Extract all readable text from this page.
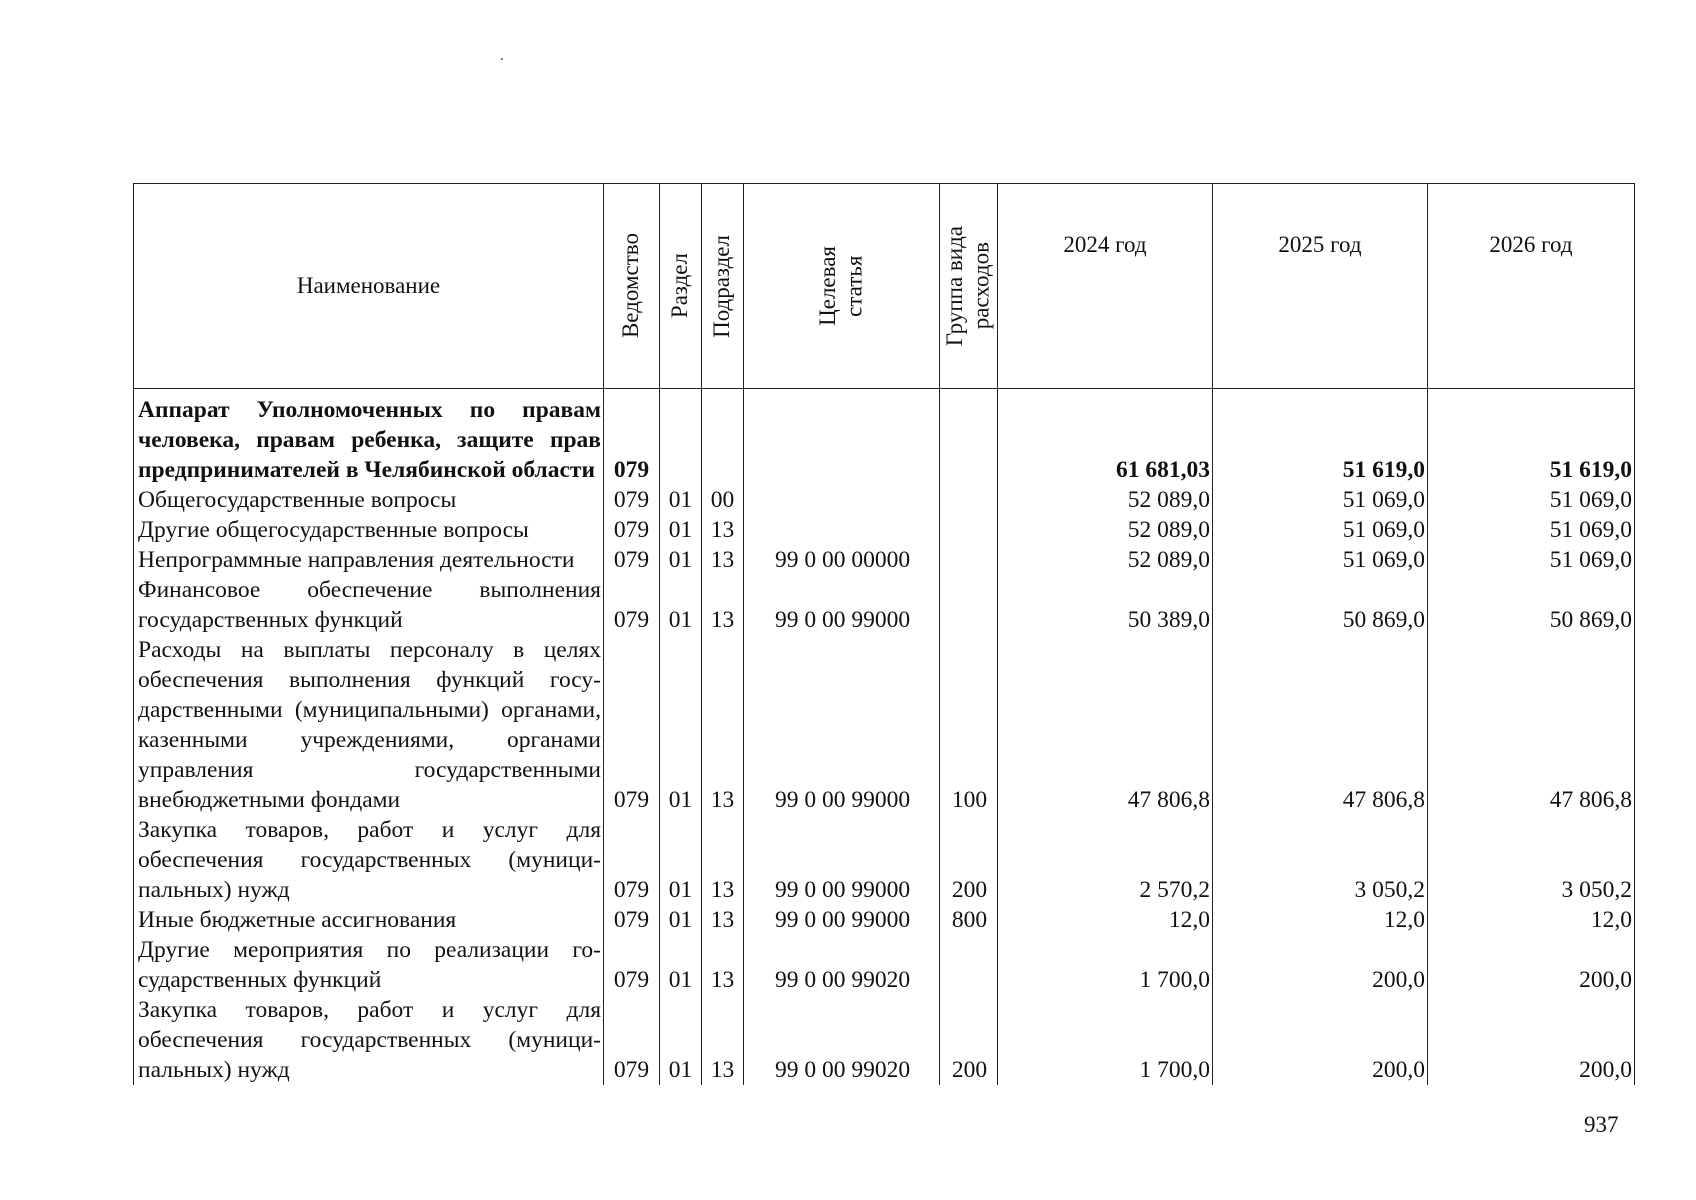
Наименование	Ведомство	Раздел	Подраздел	Целевая статья	Группа вида расходов	2024 год	2025 год	2026 год
Аппарат Уполномоченных по правам человека, правам ребенка, защите прав предпринимателей в Челябинской области	079					61 681,03	51 619,0	51 619,0
Общегосударственные вопросы	079	01	00			52 089,0	51 069,0	51 069,0
Другие общегосударственные вопросы	079	01	13			52 089,0	51 069,0	51 069,0
Непрограммные направления деятельности	079	01	13	99 0 00 00000		52 089,0	51 069,0	51 069,0
Финансовое обеспечение выполнения государственных функций	079	01	13	99 0 00 99000		50 389,0	50 869,0	50 869,0
Расходы на выплаты персоналу в целях обеспечения выполнения функций государственными (муниципальными) органами, казенными учреждениями, органами управления государственными внебюджетными фондами	079	01	13	99 0 00 99000	100	47 806,8	47 806,8	47 806,8
Закупка товаров, работ и услуг для обеспечения государственных (муниципальных) нужд	079	01	13	99 0 00 99000	200	2 570,2	3 050,2	3 050,2
Иные бюджетные ассигнования	079	01	13	99 0 00 99000	800	12,0	12,0	12,0
Другие мероприятия по реализации государственных функций	079	01	13	99 0 00 99020		1 700,0	200,0	200,0
Закупка товаров, работ и услуг для обеспечения государственных (муниципальных) нужд	079	01	13	99 0 00 99020	200	1 700,0	200,0	200,0
937
